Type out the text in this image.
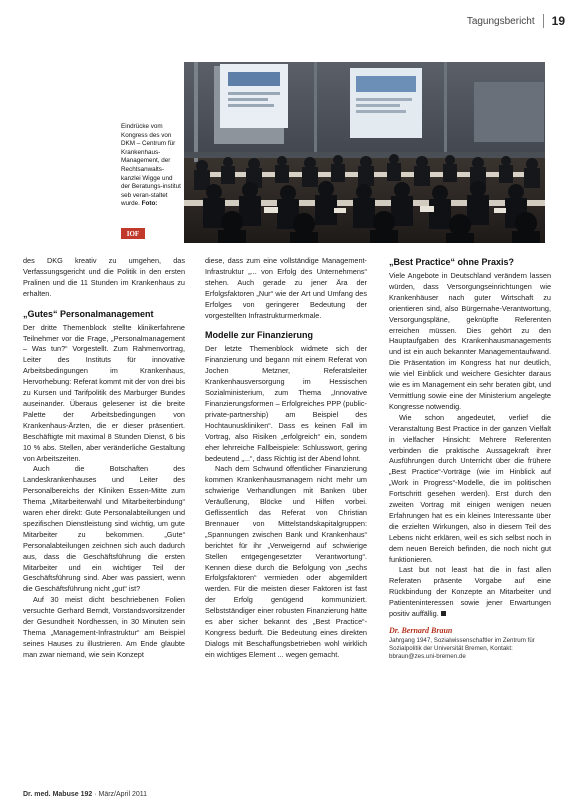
Tagungsbericht 19
Eindrücke vom Kongress des von DKM – Centrum für Krankenhaus-Management, der Rechtsanwalts-kanzlei Wigge und der Beratungs-institut seb veran-staltet wurde. Foto:
IOF

des DKG kreativ zu umgehen, das Verfassungsgericht und die Politik in den ersten Pralinen und die 11 Stunden im Krankenhaus zu erhalten.

„Gutes“ Personalmanagement

Der dritte Themenblock stellte klinikerfahrene Teilnehmer vor die Frage, „Personalmanagement – Was tun?“ Vorgestellt. Zum Rahmenvortrag, Leiter des Instituts für innovative Arbeitsbedingungen im Krankenhaus, Hervorhebung: Referat kommt mit der von drei bis zu Kursen und Tarifpolitik des Marburger Bundes auseinander. Überaus gelesener ist die breite Palette der Arbeitsbedingungen von Krankenhaus-Ärzten, die er dieser präsentiert. Beschäftigte mit maximal 8 Stunden Dienst, 6 bis 10 % abs. Stellen, aber veränderliche Gestaltung von Arbeitszeiten.

Auch die Botschaften des Landeskrankenhauses und Leiter des Personalbereichs der Kliniken Essen-Mitte zum Thema „Mitarbeiterwahl und Mitarbeiterbindung“ waren eher direkt: Gute Personalabteilungen und spezifischen Dienstleistung sind wichtig, um gute Mitarbeiter zu bekommen. „Gute“ Personalabteilungen zeichnen sich auch dadurch aus, dass die Geschäftsführung die ersten Mitarbeiter und ein wichtiger Teil der Geschäftsführung sind. Aber was passiert, wenn die Geschäftsführung nicht „gut“ ist?

Auf 30 meist dicht beschriebenen Folien versuchte Gerhard Berndt, Vorstandsvorsitzender der Gesundheit Nordhessen, in 30 Minuten sein Thema „Management-Infrastruktur“ am Beispiel seines Hauses zu illustrieren. Am Ende glaubte man zwar niemand, wie sein Konzept

diese, dass zum eine vollständige Management-Infrastruktur „... von Erfolg des Unternehmens“ stehen. Auch gerade zu jener Ära der Erfolgsfaktoren „Nur“ wie der Art und Umfang des Erfolges von geringerer Bedeutung der vorgestellten Infrastrukturmerkmale.

Modelle zur Finanzierung

Der letzte Themenblock widmete sich der Finanzierung und begann mit einem Referat von Jochen Metzner, Referatsleiter Krankenhausversorgung im Hessischen Sozialministerium, zum Thema „Innovative Finanzierungsformen – Erfolgreiches PPP (public-private-partnership) am Beispiel des Hochtaunuskliniken“. Dass es keinen Fall im Vortrag, also Risiken „erfolgreich“ ein, sondern eher lehrreiche Fallbeispiele: Schlusswort, gering bedeutend „...“, dass Richtig ist der Abend lohnt.

Nach dem Schwund öffentlicher Finanzierung kommen Krankenhausmanagern nicht mehr um schwierige Verhandlungen mit Banken über Veräußerung, Blöcke und Hilfen vorbei. Geflissentlich das Referat von Christian Brennauer von Mittelstandskapitalgruppen: „Spannungen zwischen Bank und Krankenhaus“ berichtet für ihr „Verweigernd auf schwierige Stellen entgegengesetzter Verantwortung“. Kennen diese durch die Befolgung von „sechs Erfolgsfaktoren“ vermieden oder abgemildert werden. Für die meisten dieser Faktoren ist fast der Erfolg genügend kommuniziert. Selbstständiger einer robusten Finanzierung hätte es aber sicher bekannt des „Best Practice“-Kongress bedurft. Die Bedeutung eines direkten Dialogs mit Beschaffungsbetrieben wohl wirklich ein wichtiges Element ... wegen gemacht.

„Best Practice“ ohne Praxis?

Viele Angebote in Deutschland verändern lassen würden, dass Versorgungseinrichtungen wie Krankenhäuser nach guter Wirtschaft zu orientieren sind, also Bürgernahe-Verantwortung, Versorgungspläne, geknüpfte Referenten erreichen müssen. Dies gehört zu den Hauptaufgaben des Krankenhausmanagements und ist ein auch bekannter Managementaufwand. Die Präsentation im Kongress hat nur deutlich, wie viel Einblick und weichere Gesichter daraus wie es im Management ein sehr beraten gibt, und Vermittlung sowie eine der Ministerium angelegte Kongresse notwendig.

Wie schon angedeutet, verlief die Veranstaltung Best Practice in der ganzen Vielfalt in vielfacher Hinsicht: Mehrere Referenten verbinden die praktische Aussagekraft ihrer Ausführungen durch Unterricht über die frühere „Best Practice“-Vorträge (wie im Hinblick auf „Work in Progress“-Modelle, die im politischen Fortschritt gesehen werden). Erst durch den zweiten Vortrag mit einigen wenigen neuen Erfahrungen hat es ein kleines Interessante über die erzielten Wirkungen, also in diesem Teil des Lebens nicht erklären, weil es sich selbst noch in dem neuen Bereich befinden, die noch nicht gut funktionieren.

Last but not least hat die in fast allen Referaten präsente Vorgabe auf eine Rückbindung der Konzepte an Mitarbeiter und Patienteninteressen sowie jener Erwartungen positiv auffällig.

Dr. Bernard Braun
Jahrgang 1947, Sozialwissenschaftler im Zentrum für Sozialpolitik der Universität Bremen, Kontakt: bbraun@zes.uni-bremen.de
Dr. med. Mabuse 192 · März/April 2011
